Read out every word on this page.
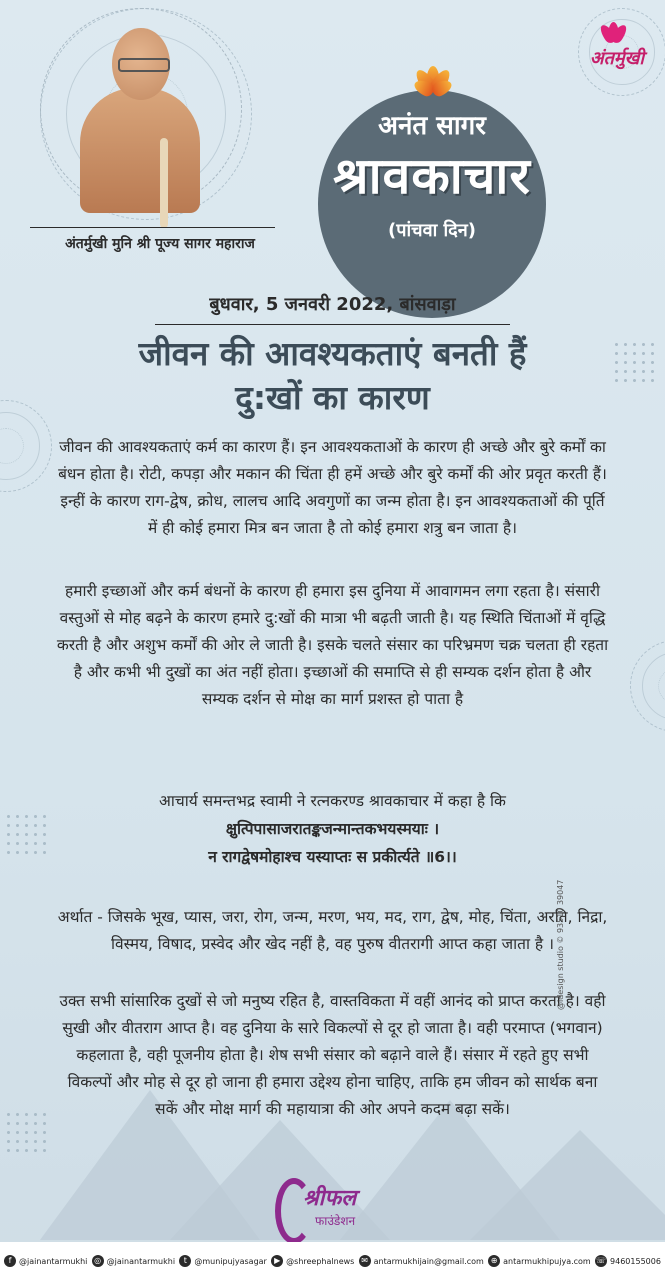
अंतर्मुखी मुनि श्री पूज्य सागर महाराज
अनंत सागर
श्रावकाचार
(पांचवा दिन)
अंतर्मुखी
बुधवार, 5 जनवरी 2022, बांसवाड़ा
जीवन की आवश्यकताएं बनती हैं
दु:खों का कारण
जीवन की आवश्यकताएं कर्म का कारण हैं। इन आवश्यकताओं के कारण ही अच्छे और बुरे कर्मों का बंधन होता है। रोटी, कपड़ा और मकान की चिंता ही हमें अच्छे और बुरे कर्मों की ओर प्रवृत करती हैं। इन्हीं के कारण राग-द्वेष, क्रोध, लालच आदि अवगुणों का जन्म होता है। इन आवश्यकताओं की पूर्ति में ही कोई हमारा मित्र बन जाता है तो कोई हमारा शत्रु बन जाता है।
हमारी इच्छाओं और कर्म बंधनों के कारण ही हमारा इस दुनिया में आवागमन लगा रहता है। संसारी वस्तुओं से मोह बढ़ने के कारण हमारे दु:खों की मात्रा भी बढ़ती जाती है। यह स्थिति चिंताओं में वृद्धि करती है और अशुभ कर्मों की ओर ले जाती है। इसके चलते संसार का परिभ्रमण चक्र चलता ही रहता है और कभी भी दुखों का अंत नहीं होता। इच्छाओं की समाप्ति से ही सम्यक दर्शन होता है और सम्यक दर्शन से मोक्ष का मार्ग प्रशस्त हो पाता है
आचार्य समन्तभद्र स्वामी ने रत्नकरण्ड श्रावकाचार में कहा है कि
क्षुत्पिपासाजरातङ्कजन्मान्तकभयस्मयाः ।
न रागद्वेषमोहाश्च यस्याप्तः स प्रकीर्त्यते ॥6।।
अर्थात - जिसके भूख, प्यास, जरा, रोग, जन्म, मरण, भय, मद, राग, द्वेष, मोह, चिंता, अरति, निद्रा, विस्मय, विषाद, प्रस्वेद और खेद नहीं है, वह पुरुष वीतरागी आप्त कहा जाता है ।
उक्त सभी सांसारिक दुखों से जो मनुष्य रहित है, वास्तविकता में वहीं आनंद को प्राप्त करता है। वही सुखी और वीतराग आप्त है। वह दुनिया के सारे विकल्पों से दूर हो जाता है। वही परमाप्त (भगवान) कहलाता है, वही पूजनीय होता है। शेष सभी संसार को बढ़ाने वाले हैं। संसार में रहते हुए सभी विकल्पों और मोह से दूर हो जाना ही हमारा उद्देश्य होना चाहिए, ताकि हम जीवन को सार्थक बना सकें और मोक्ष मार्ग की महायात्रा की ओर अपने कदम बढ़ा सकें।
@idesign studio © 93510 39047
श्रीफल
फाउंडेशन
f @jainantarmukhi ◎ @jainantarmukhi	t @munipujyasagar ▶ @shreephalnews ✉ antarmukhijain@gmail.com ⊕ antarmukhipujya.com ☏ 9460155006
